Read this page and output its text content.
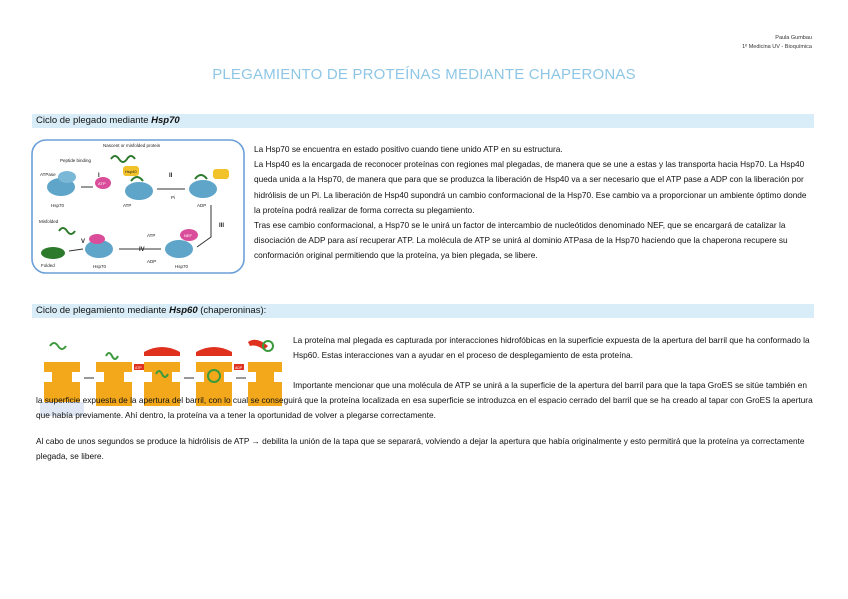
Paula Gumbau
1º Medicina UV - Bioquímica
PLEGAMIENTO DE PROTEÍNAS MEDIANTE CHAPERONAS
Ciclo de plegado mediante Hsp70
Peptide binding
ATPase
Hsp70
Nascent or misfolded protein
Hsp40
ATP
I
ATP
II
Pi
ADP
III
Misfolded
Folded
V
Hsp70
IV
ATP
ADP
NEF
Hsp70
La Hsp70 se encuentra en estado positivo cuando tiene unido ATP en su estructura.
La Hsp40 es la encargada de reconocer proteínas con regiones mal plegadas, de manera que se une a estas y las transporta hacia Hsp70. La Hsp40 queda unida a la Hsp70, de manera que para que se produzca la liberación de Hsp40 va a ser necesario que el ATP pase a ADP con la liberación por hidrólisis de un Pi. La liberación de Hsp40 supondrá un cambio conformacional de la Hsp70. Ese cambio va a proporcionar un ambiente óptimo donde la proteína podrá realizar de forma correcta su plegamiento.
Tras ese cambio conformacional, a Hsp70 se le unirá un factor de intercambio de nucleótidos denominado NEF, que se encargará de catalizar la disociación de ADP para así recuperar ATP. La molécula de ATP se unirá al dominio ATPasa de la Hsp70 haciendo que la chaperona recupere su conformación original permitiendo que la proteína, ya bien plegada, se libere.
Ciclo de plegamiento mediante Hsp60 (chaperoninas):
ATP	ADP
La proteína mal plegada es capturada por interacciones hidrofóbicas en la superficie expuesta de la apertura del barril que ha conformado la Hsp60. Estas interacciones van a ayudar en el proceso de desplegamiento de esta proteína.
Importante mencionar que una molécula de ATP se unirá a la superficie de la apertura del barril para que la tapa GroES se sitúe también en la superficie expuesta de la apertura del barril, con lo cual se conseguirá que la proteína localizada en esa superficie se introduzca en el espacio cerrado del barril que se ha creado al tapar con GroES la apertura que había previamente. Ahí dentro, la proteína va a tener la oportunidad de volver a plegarse correctamente.
Al cabo de unos segundos se produce la hidrólisis de ATP → debilita la unión de la tapa que se separará, volviendo a dejar la apertura que había originalmente y esto permitirá que la proteína ya correctamente plegada, se libere.
